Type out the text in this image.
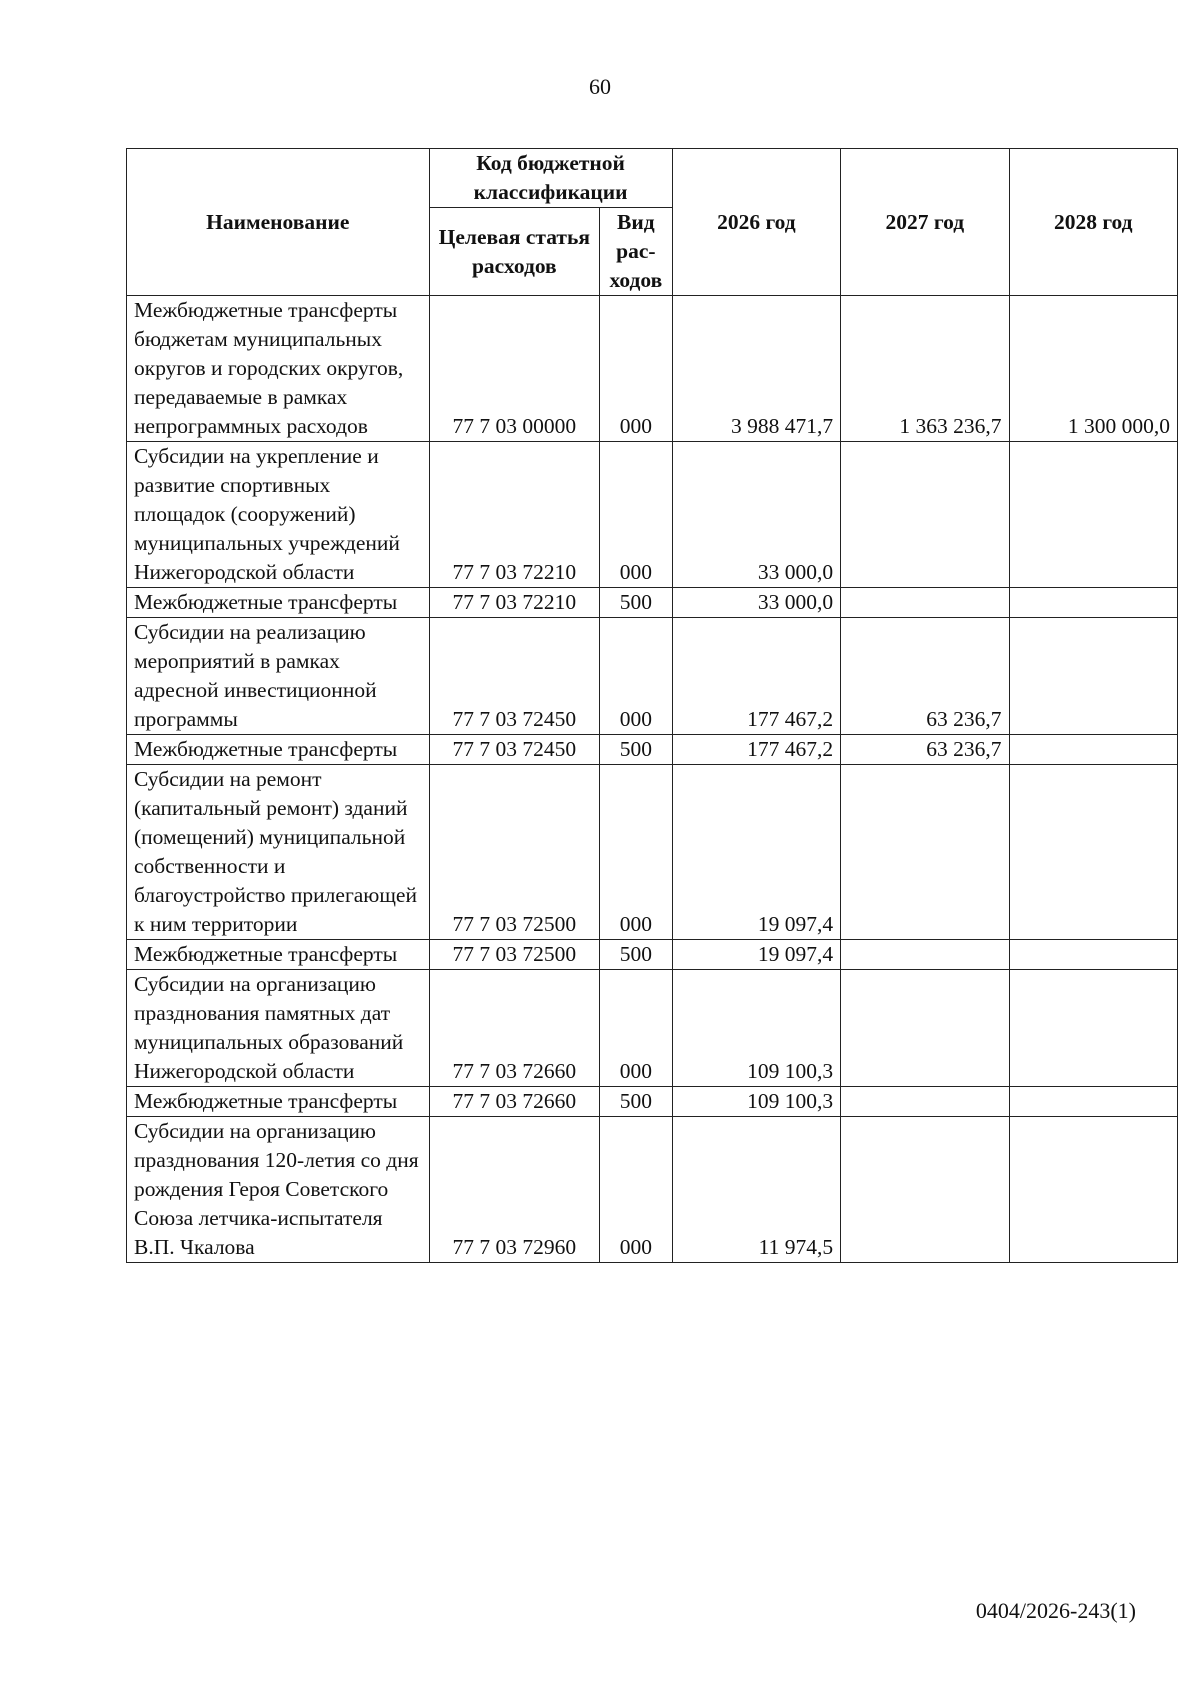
60
Наименование	Код бюджетной классификации		2026 год	2027 год	2028 год
	Целевая статья расходов	Вид рас-ходов			
Межбюджетные трансферты бюджетам муниципальных округов и городских округов, передаваемые в рамках непрограммных расходов	77 7 03 00000	000	3 988 471,7	1 363 236,7	1 300 000,0
Субсидии на укрепление и развитие спортивных площадок (сооружений) муниципальных учреждений Нижегородской области	77 7 03 72210	000	33 000,0		
Межбюджетные трансферты	77 7 03 72210	500	33 000,0		
Субсидии на реализацию мероприятий в рамках адресной инвестиционной программы	77 7 03 72450	000	177 467,2	63 236,7	
Межбюджетные трансферты	77 7 03 72450	500	177 467,2	63 236,7	
Субсидии на ремонт (капитальный ремонт) зданий (помещений) муниципальной собственности и благоустройство прилегающей к ним территории	77 7 03 72500	000	19 097,4		
Межбюджетные трансферты	77 7 03 72500	500	19 097,4		
Субсидии на организацию празднования памятных дат муниципальных образований Нижегородской области	77 7 03 72660	000	109 100,3		
Межбюджетные трансферты	77 7 03 72660	500	109 100,3		
Субсидии на организацию празднования 120-летия со дня рождения Героя Советского Союза летчика-испытателя В.П. Чкалова	77 7 03 72960	000	11 974,5		
0404/2026-243(1)
